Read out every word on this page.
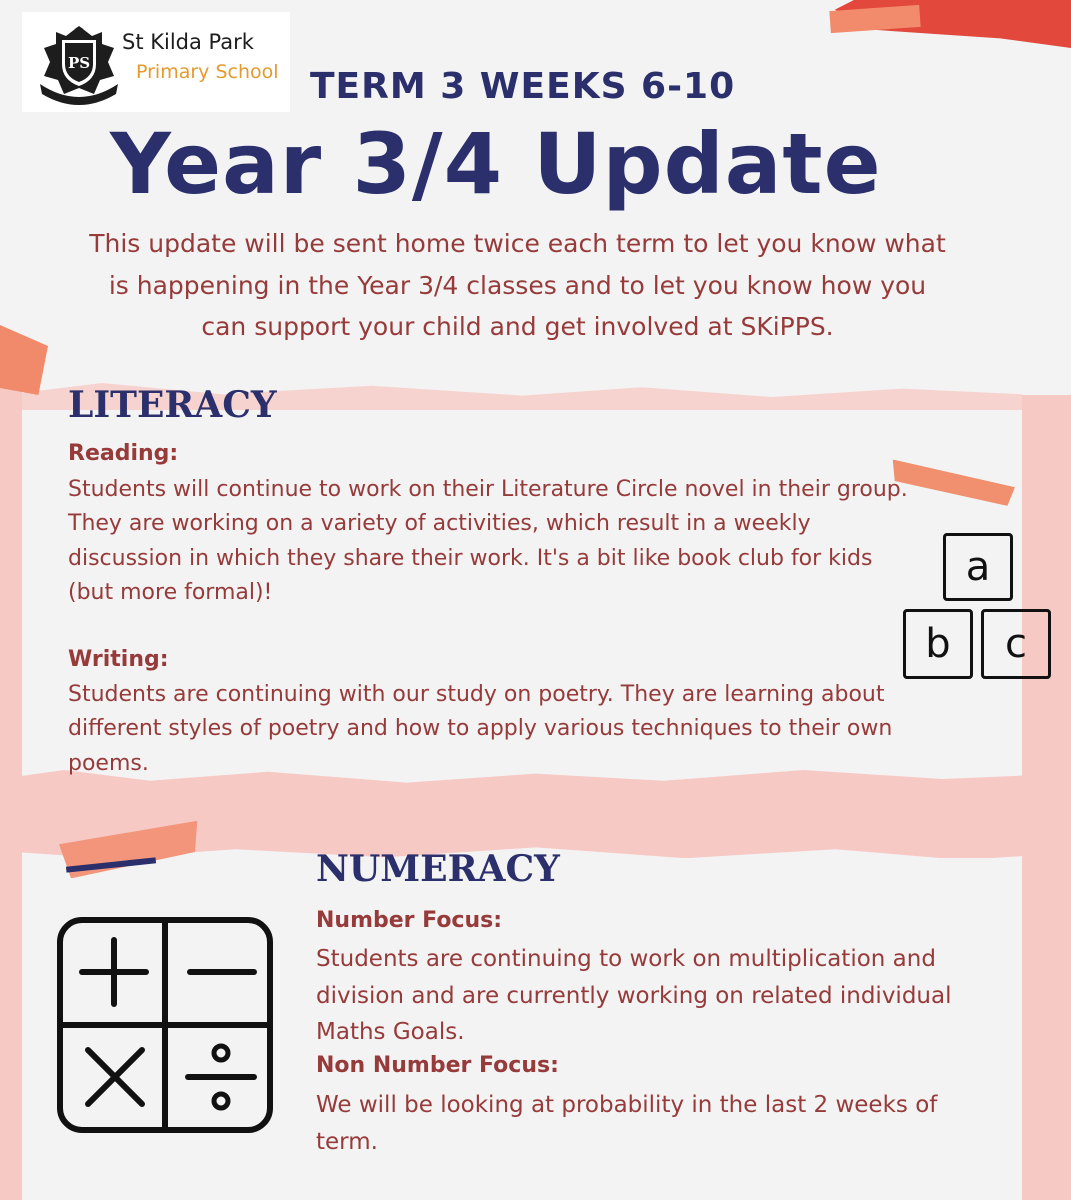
PS
St Kilda Park
Primary School TERM 3 WEEKS 6-10
Year 3/4 Update
This update will be sent home twice each term to let you know what is happening in the Year 3/4 classes and to let you know how you can support your child and get involved at SKiPPS.
LITERACY
Reading:
Students will continue to work on their Literature Circle novel in their group. They are working on a variety of activities, which result in a weekly discussion in which they share their work. It's a bit like book club for kids (but more formal)!
Writing:
Students are continuing with our study on poetry. They are learning about different styles of poetry and how to apply various techniques to their own poems.
a
b	c
NUMERACY
Number Focus:
Students are continuing to work on multiplication and division and are currently working on related individual Maths Goals.
Non Number Focus:
We will be looking at probability in the last 2 weeks of term.
